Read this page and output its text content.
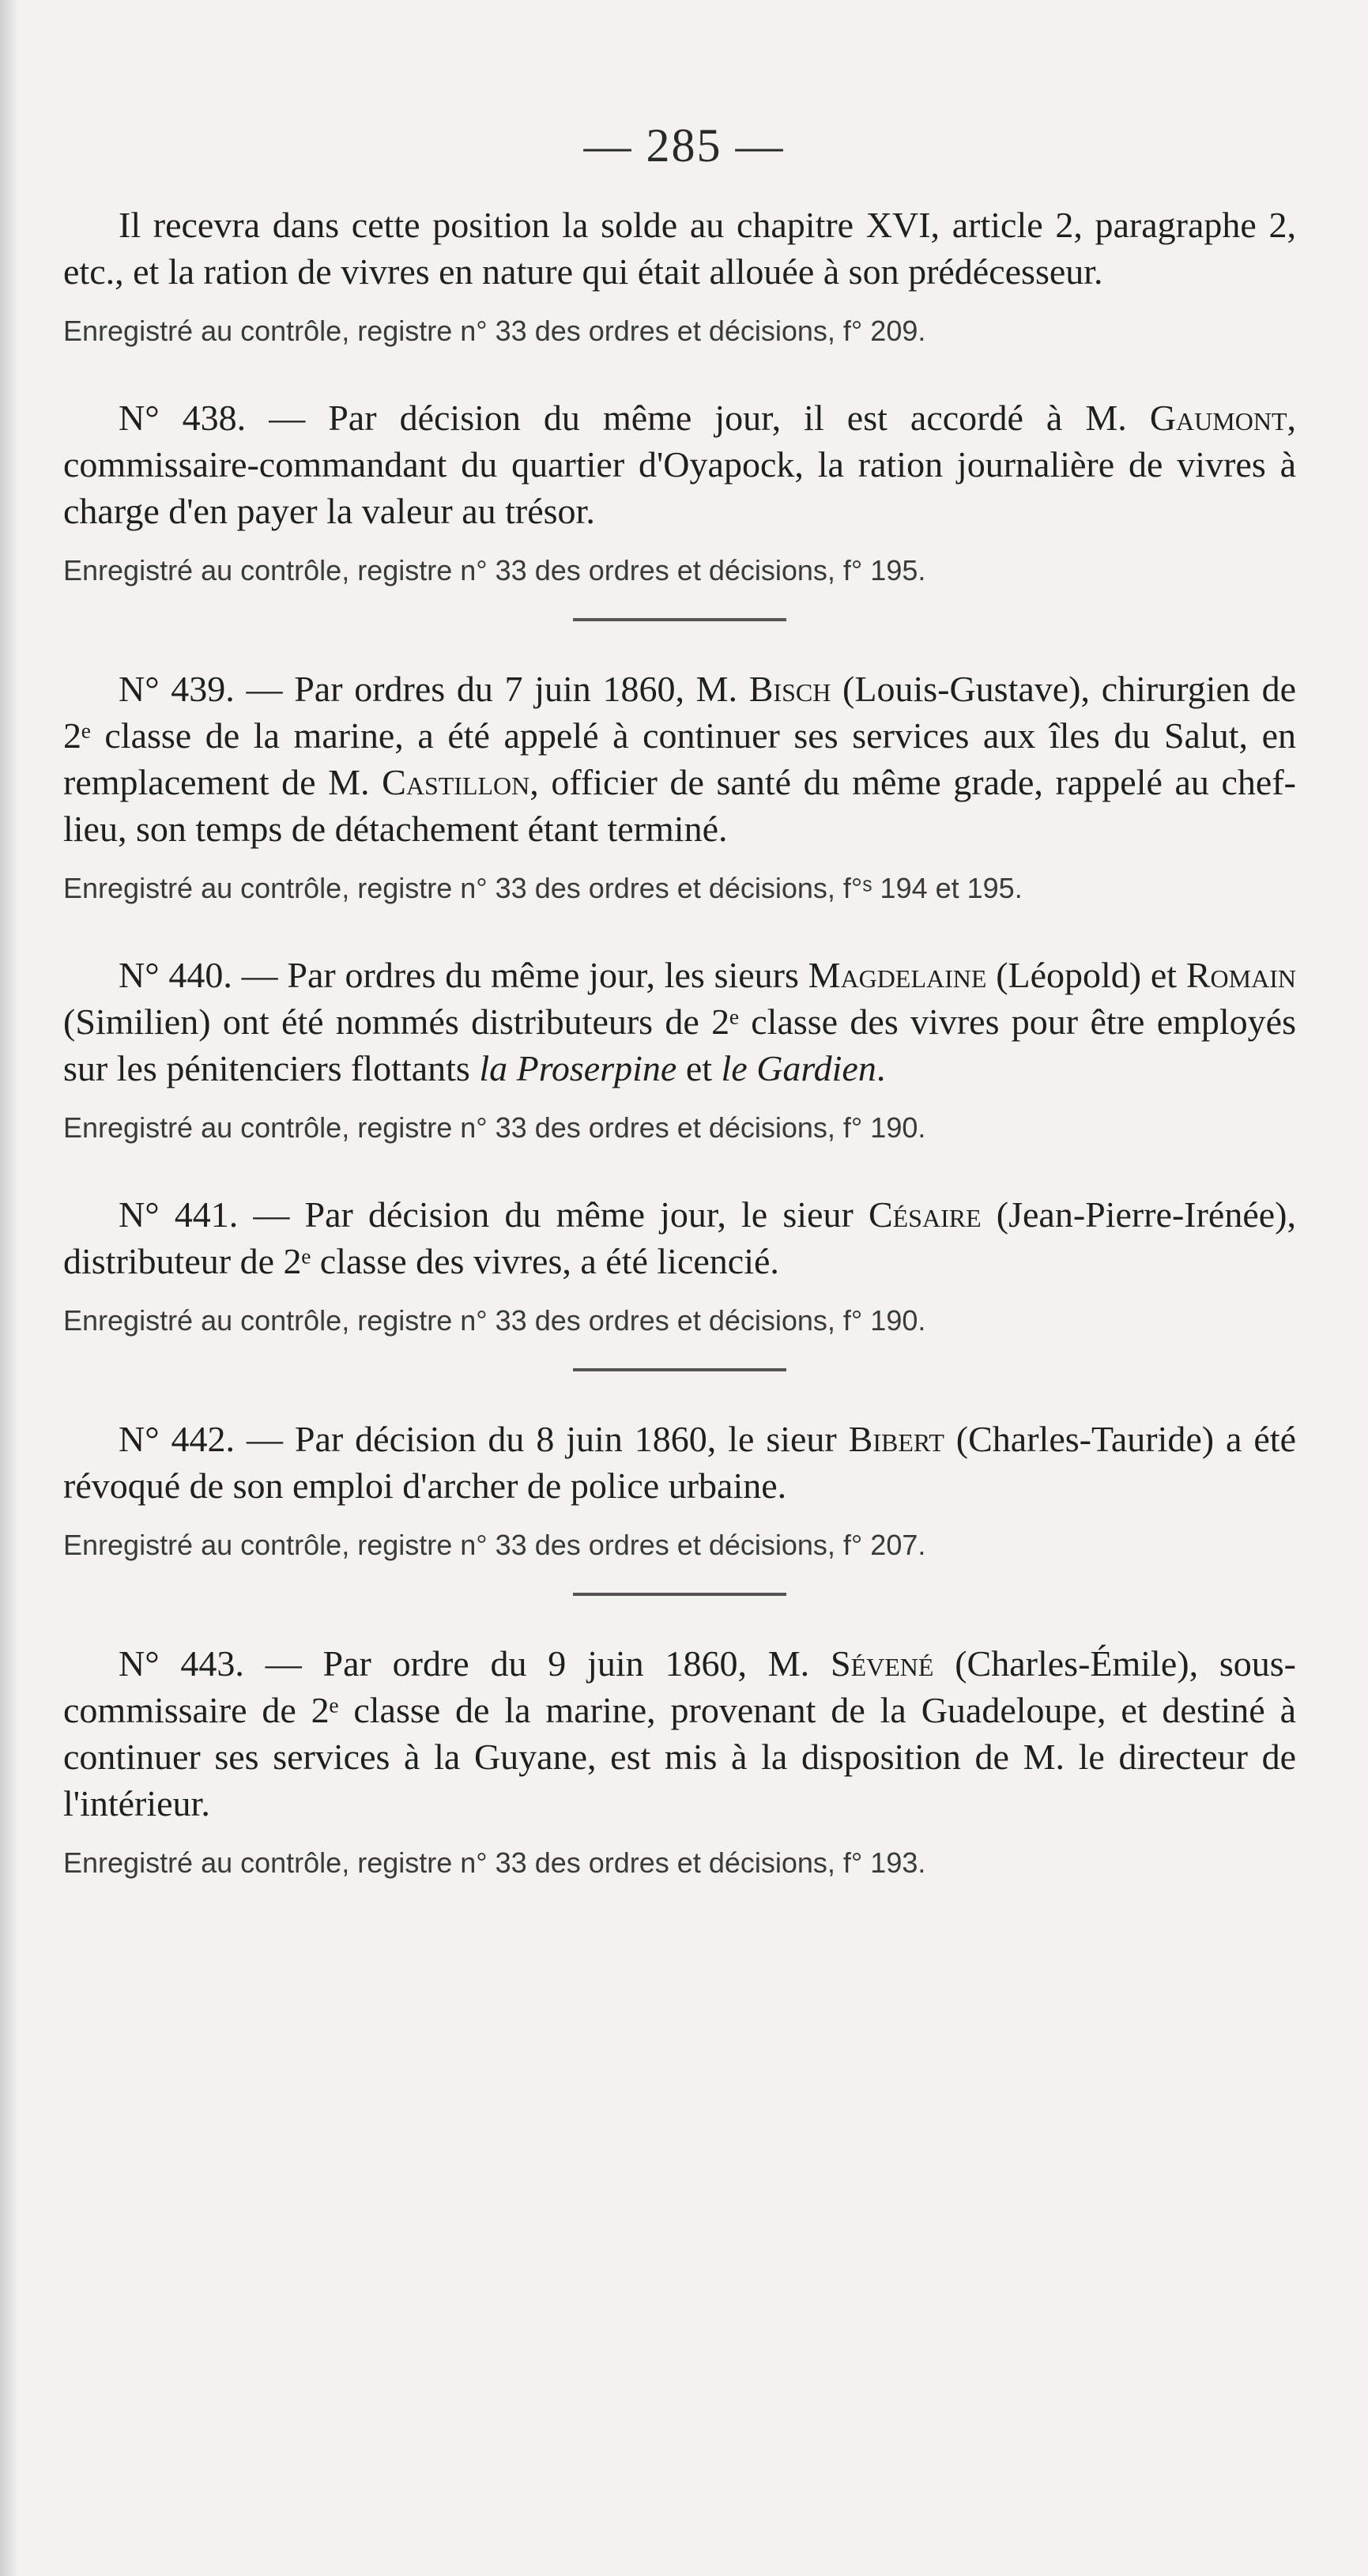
— 285 —

Il recevra dans cette position la solde au chapitre XVI, article 2, paragraphe 2, etc., et la ration de vivres en nature qui était allouée à son prédécesseur.

Enregistré au contrôle, registre n° 33 des ordres et décisions, f° 209.

N° 438. — Par décision du même jour, il est accordé à M. Gaumont, commissaire-commandant du quartier d'Oyapock, la ration journalière de vivres à charge d'en payer la valeur au trésor.

Enregistré au contrôle, registre n° 33 des ordres et décisions, f° 195.

N° 439. — Par ordres du 7 juin 1860, M. Bisch (Louis-Gustave), chirurgien de 2ᵉ classe de la marine, a été appelé à continuer ses services aux îles du Salut, en remplacement de M. Castillon, officier de santé du même grade, rappelé au chef-lieu, son temps de détachement étant terminé.

Enregistré au contrôle, registre n° 33 des ordres et décisions, f°ˢ 194 et 195.

N° 440. — Par ordres du même jour, les sieurs Magdelaine (Léopold) et Romain (Similien) ont été nommés distributeurs de 2ᵉ classe des vivres pour être employés sur les pénitenciers flottants la Proserpine et le Gardien.

Enregistré au contrôle, registre n° 33 des ordres et décisions, f° 190.

N° 441. — Par décision du même jour, le sieur Césaire (Jean-Pierre-Irénée), distributeur de 2ᵉ classe des vivres, a été licencié.

Enregistré au contrôle, registre n° 33 des ordres et décisions, f° 190.

N° 442. — Par décision du 8 juin 1860, le sieur Bibert (Charles-Tauride) a été révoqué de son emploi d'archer de police urbaine.

Enregistré au contrôle, registre n° 33 des ordres et décisions, f° 207.

N° 443. — Par ordre du 9 juin 1860, M. Sévené (Charles-Émile), sous-commissaire de 2ᵉ classe de la marine, provenant de la Guadeloupe, et destiné à continuer ses services à la Guyane, est mis à la disposition de M. le directeur de l'intérieur.

Enregistré au contrôle, registre n° 33 des ordres et décisions, f° 193.
